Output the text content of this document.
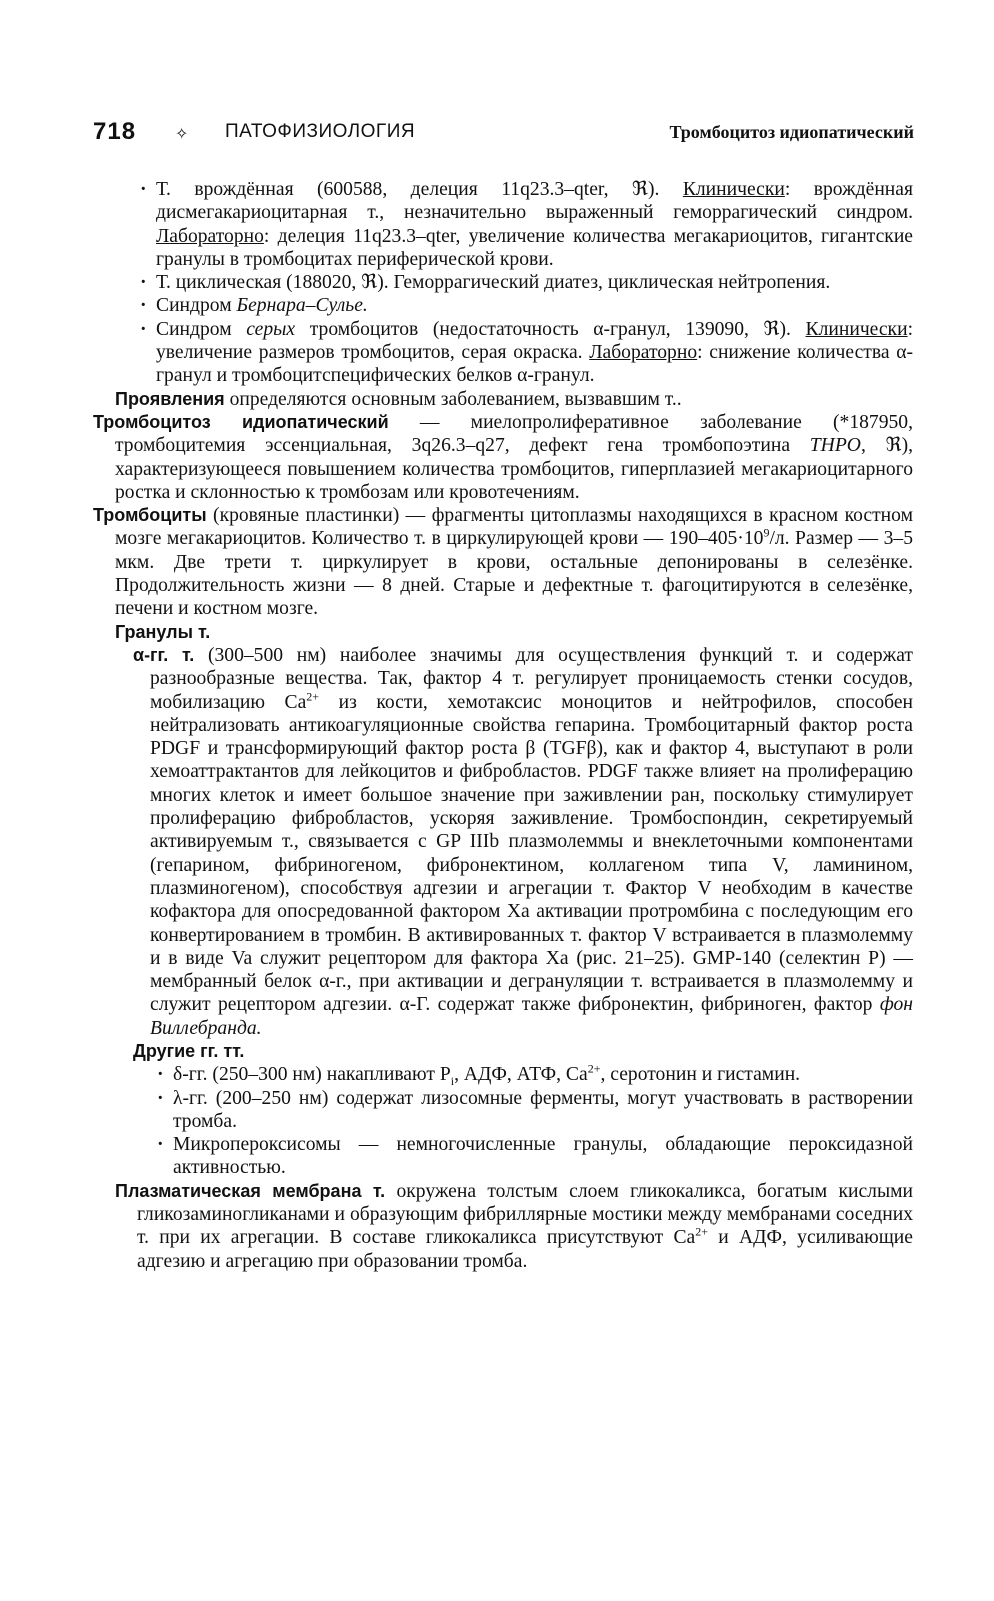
718 ✧ ПАТОФИЗИОЛОГИЯ	Тромбоцитоз идиопатический

· Т. врождённая (600588, делеция 11q23.3–qter, ℜ). Клинически: врождённая дисмегакариоцитарная т., незначительно выраженный геморрагический синдром. Лабораторно: делеция 11q23.3–qter, увеличение количества мегакариоцитов, гигантские гранулы в тромбоцитах периферической крови.

· Т. циклическая (188020, ℜ). Геморрагический диатез, циклическая нейтропения.

· Синдром Бернара–Сулье.

· Синдром серых тромбоцитов (недостаточность α-гранул, 139090, ℜ). Клинически: увеличение размеров тромбоцитов, серая окраска. Лабораторно: снижение количества α-гранул и тромбоцитспецифических белков α-гранул.

Проявления определяются основным заболеванием, вызвавшим т..

Тромбоцитоз идиопатический — миелопролиферативное заболевание (*187950, тромбоцитемия эссенциальная, 3q26.3–q27, дефект гена тромбопоэтина THPO, ℜ), характеризующееся повышением количества тромбоцитов, гиперплазией мегакариоцитарного ростка и склонностью к тромбозам или кровотечениям.

Тромбоциты (кровяные пластинки) — фрагменты цитоплазмы находящихся в красном костном мозге мегакариоцитов. Количество т. в циркулирующей крови — $190-405\cdot 10^9/л$. Размер — 3–5 мкм. Две трети т. циркулирует в крови, остальные депонированы в селезёнке. Продолжительность жизни — 8 дней. Старые и дефектные т. фагоцитируются в селезёнке, печени и костном мозге.

Гранулы т.

α-гг. т. (300–500 нм) наиболее значимы для осуществления функций т. и содержат разнообразные вещества. Так, фактор 4 т. регулирует проницаемость стенки сосудов, мобилизацию $Ca^{2+}$ из кости, хемотаксис моноцитов и нейтрофилов, способен нейтрализовать антикоагуляционные свойства гепарина. Тромбоцитарный фактор роста PDGF и трансформирующий фактор роста β (TGFβ), как и фактор 4, выступают в роли хемоаттрактантов для лейкоцитов и фибробластов. PDGF также влияет на пролиферацию многих клеток и имеет большое значение при заживлении ран, поскольку стимулирует пролиферацию фибробластов, ускоряя заживление. Тромбоспондин, секретируемый активируемым т., связывается с GP IIIb плазмолеммы и внеклеточными компонентами (гепарином, фибриногеном, фибронектином, коллагеном типа V, ламинином, плазминогеном), способствуя адгезии и агрегации т. Фактор V необходим в качестве кофактора для опосредованной фактором Xa активации протромбина с последующим его конвертированием в тромбин. В активированных т. фактор V встраивается в плазмолемму и в виде Va служит рецептором для фактора Xa (рис. 21–25). GMP-140 (селектин P) — мембранный белок α-г., при активации и дегрануляции т. встраивается в плазмолемму и служит рецептором адгезии. α-Г. содержат также фибронектин, фибриноген, фактор фон Виллебранда.

Другие гг. тт.

· δ-гг. (250–300 нм) накапливают $P_i$, АДФ, АТФ, $Ca^{2+}$, серотонин и гистамин.

· λ-гг. (200–250 нм) содержат лизосомные ферменты, могут участвовать в растворении тромба.

· Микропероксисомы — немногочисленные гранулы, обладающие пероксидазной активностью.

Плазматическая мембрана т. окружена толстым слоем гликокаликса, богатым кислыми гликозаминогликанами и образующим фибриллярные мостики между мембранами соседних т. при их агрегации. В составе гликокаликса присутствуют $Ca^{2+}$ и АДФ, усиливающие адгезию и агрегацию при образовании тромба.
